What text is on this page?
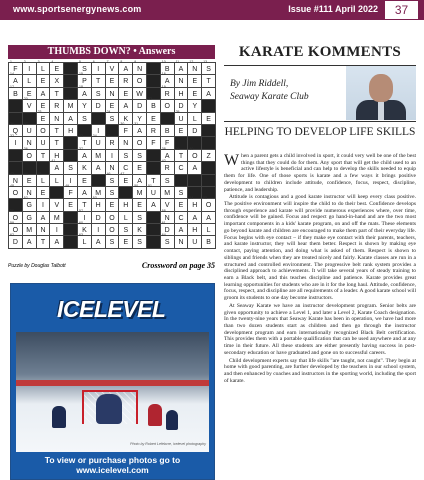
www.sportsenergynews.com	Issue #111 April 2022	37
THUMBS DOWN? • Answers
1
F
2
I
3
L
4
E
5
S
6
I
7
V
8
A
9
N
10
B
11
A
12
N
13
S
14
A	L	E	X
15
P	T	E	R	O
16
A	N	E	T
17
B	E	A	T
18
A	S	N	E	W
19
R	H	E	A
20
V	E	R
21
M	Y	D	E	A	D
22
B	O	D	Y
23
E	N	A	S
24
S	K	Y	E
25
U	L	E
26
Q
27
U	O	T	H	I
30
F
31
A	R	B	E	D
32
I	N	U	T
33
T
34
U
35
R	N	O	F	F
36
O	T	H
37
A	M	I	S	S
38
A
39
T
40
O	Z
41
A	S	K	A	N	C	E
42
R	C	A
43
N
44
E
45
L	L	I	E
46
S
47
E	A	T	S
48
O	N	E
49
F	A	M	S
50
M
51
U	M	S
52
G	I	V	E	T
53
H	E	H	E	A	V	E
54
H
55
O
56
O	G	A	M
57
I	D	O	L	S
58
N	C	A	A
59
O	M	N	I
60
K	I	O	S	K
61
D	A	H	L
62
D	A	T	A
63
L	A	S	E	S
64
S	N	U	B
Puzzle by Douglas Talbott	Crossword on page 35
KARATE KOMMENTS
By Jim Riddell,
Seaway Karate Club
HELPING TO DEVELOP LIFE SKILLS

When a parent gets a child involved in sport, it could very well be one of the best things that they could do for them. Any sport that will get the child used to an active lifestyle is beneficial and can help to develop the skills needed to equip them for life. One of those sports is karate and a few ways it brings positive development to children include attitude, confidence, focus, respect, discipline, patience, and leadership.

Attitude is contagious and a good karate instructor will keep every class positive. The positive environment will inspire the child to do their best. Confidence develops through experience and karate will provide numerous experiences where, over time, confidence will be gained. Focus and respect go hand-in-hand and are the two most important components in a kids' karate program, on and off the mats. These elements go beyond karate and children are encouraged to make them part of their everyday life. Focus begins with eye contact – if they make eye contact with their parents, teachers, and karate instructor, they will hear them better. Respect is shown by making eye contact, paying attention, and doing what is asked of them. Respect is shown to siblings and friends when they are treated nicely and fairly. Karate classes are run in a structured and controlled environment. The progressive belt rank system provides a disciplined approach to achievements. It will take several years of steady training to earn a Black belt, and this teaches discipline and patience. Karate provides great learning opportunities for students who are in it for the long haul. Attitude, confidence, focus, respect, and discipline are all requirements of a leader. A good karate school will groom its students to one day become instructors.

At Seaway Karate we have an instructor development program. Senior belts are given opportunity to achieve a Level 1, and later a Level 2, Karate Coach designation. In the twenty-nine years that Seaway Karate has been in operation, we have had more than two dozen students start as children and then go through the instructor development program and earn internationally recognized Black Belt certification. This provides them with a portable qualification that can be used anywhere and at any time in their future. All these students are either presently having success in post-secondary education or have graduated and gone on to successful careers.

Child development experts say that life skills "are taught, not caught". They begin at home with good parenting, are further developed by the teachers in our school system, and then enhanced by coaches and instructors in the sporting world, including the sport of karate.

ICELEVEL
Photo by Robert Lefebvre, icelevel photography
To view or purchase photos go to www.icelevel.com
